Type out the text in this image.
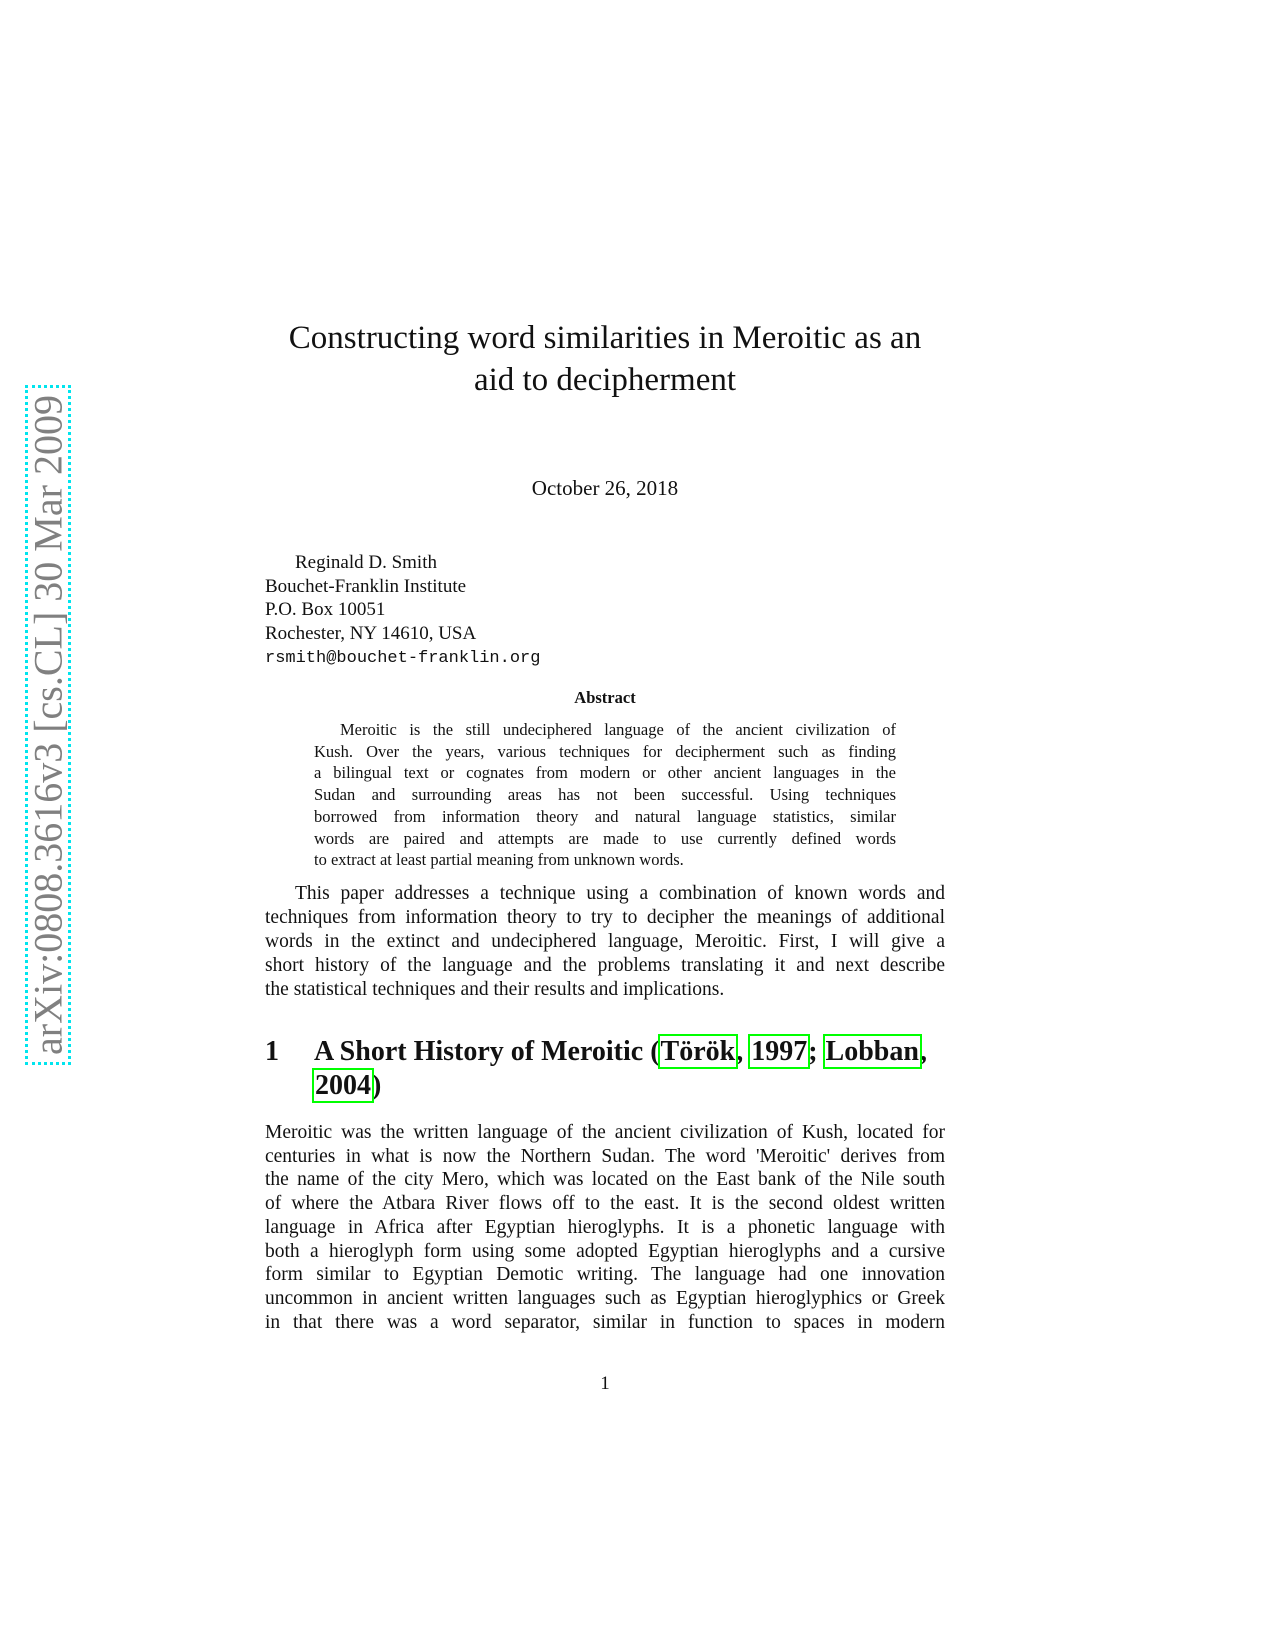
arXiv:0808.3616v3 [cs.CL] 30 Mar 2009
Constructing word similarities in Meroitic as an
aid to decipherment
October 26, 2018
Reginald D. Smith
Bouchet-Franklin Institute
P.O. Box 10051
Rochester, NY 14610, USA
rsmith@bouchet-franklin.org
Abstract
Meroitic is the still undeciphered language of the ancient civilization of
Kush. Over the years, various techniques for decipherment such as finding
a bilingual text or cognates from modern or other ancient languages in the
Sudan and surrounding areas has not been successful. Using techniques
borrowed from information theory and natural language statistics, similar
words are paired and attempts are made to use currently defined words
to extract at least partial meaning from unknown words.
This paper addresses a technique using a combination of known words and
techniques from information theory to try to decipher the meanings of additional
words in the extinct and undeciphered language, Meroitic. First, I will give a
short history of the language and the problems translating it and next describe
the statistical techniques and their results and implications.
1 A Short History of Meroitic (Török, 1997; Lobban,
2004)
Meroitic was the written language of the ancient civilization of Kush, located for
centuries in what is now the Northern Sudan. The word 'Meroitic' derives from
the name of the city Mero, which was located on the East bank of the Nile south
of where the Atbara River flows off to the east. It is the second oldest written
language in Africa after Egyptian hieroglyphs. It is a phonetic language with
both a hieroglyph form using some adopted Egyptian hieroglyphs and a cursive
form similar to Egyptian Demotic writing. The language had one innovation
uncommon in ancient written languages such as Egyptian hieroglyphics or Greek
in that there was a word separator, similar in function to spaces in modern
1
